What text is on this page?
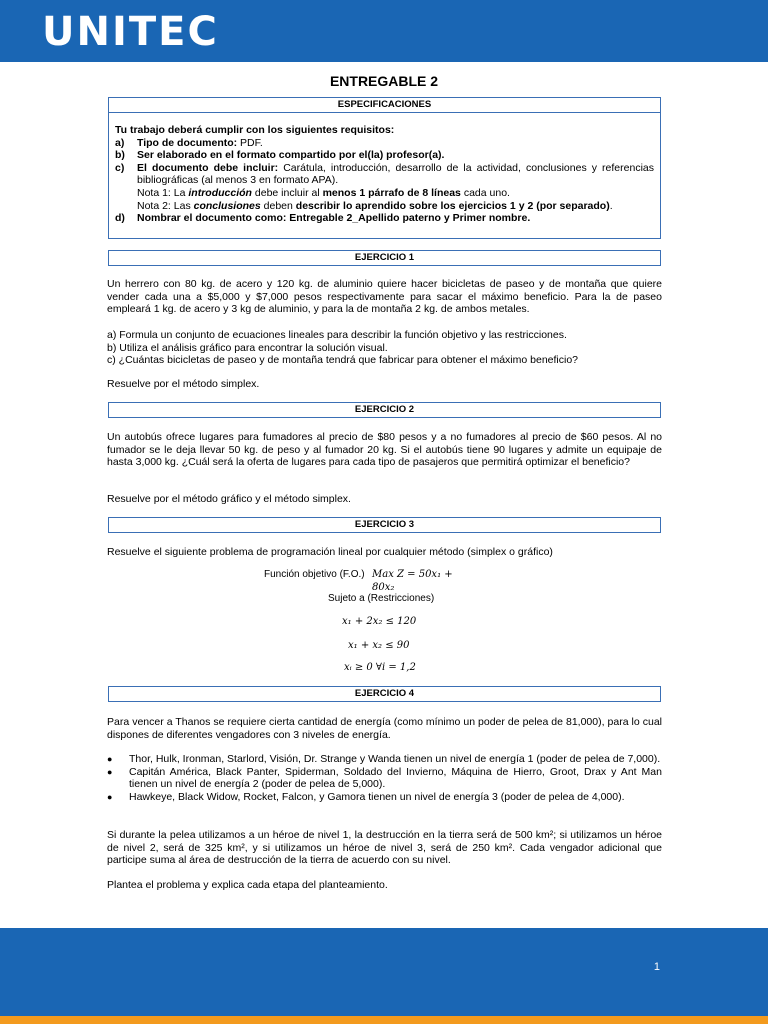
UNITEC
ENTREGABLE 2
ESPECIFICACIONES
Tu trabajo deberá cumplir con los siguientes requisitos:
a)	Tipo de documento: PDF.
b)	Ser elaborado en el formato compartido por el(la) profesor(a).
c)	El documento debe incluir: Carátula, introducción, desarrollo de la actividad, conclusiones y referencias bibliográficas (al menos 3 en formato APA).
Nota 1: La introducción debe incluir al menos 1 párrafo de 8 líneas cada uno.
Nota 2: Las conclusiones deben describir lo aprendido sobre los ejercicios 1 y 2 (por separado).
d)	Nombrar el documento como: Entregable 2_Apellido paterno y Primer nombre.
EJERCICIO 1
Un herrero con 80 kg. de acero y 120 kg. de aluminio quiere hacer bicicletas de paseo y de montaña que quiere vender cada una a $5,000 y $7,000 pesos respectivamente para sacar el máximo beneficio. Para la de paseo empleará 1 kg. de acero y 3 kg de aluminio, y para la de montaña 2 kg. de ambos metales.
a) Formula un conjunto de ecuaciones lineales para describir la función objetivo y las restricciones.
b) Utiliza el análisis gráfico para encontrar la solución visual.
c) ¿Cuántas bicicletas de paseo y de montaña tendrá que fabricar para obtener el máximo beneficio?
Resuelve por el método simplex.
EJERCICIO 2
Un autobús ofrece lugares para fumadores al precio de $80 pesos y a no fumadores al precio de $60 pesos. Al no fumador se le deja llevar 50 kg. de peso y al fumador 20 kg. Si el autobús tiene 90 lugares y admite un equipaje de hasta 3,000 kg. ¿Cuál será la oferta de lugares para cada tipo de pasajeros que permitirá optimizar el beneficio?
Resuelve por el método gráfico y el método simplex.
EJERCICIO 3
Resuelve el siguiente problema de programación lineal por cualquier método (simplex o gráfico)
Función objetivo (F.O.) Max Z = 50x₁ + 80x₂
Sujeto a (Restricciones)
x₁ + 2x₂ ≤ 120
x₁ + x₂ ≤ 90
xᵢ ≥ 0 ∀i = 1,2
EJERCICIO 4
Para vencer a Thanos se requiere cierta cantidad de energía (como mínimo un poder de pelea de 81,000), para lo cual dispones de diferentes vengadores con 3 niveles de energía.
●	Thor, Hulk, Ironman, Starlord, Visión, Dr. Strange y Wanda tienen un nivel de energía 1 (poder de pelea de 7,000).
●	Capitán América, Black Panter, Spiderman, Soldado del Invierno, Máquina de Hierro, Groot, Drax y Ant Man tienen un nivel de energía 2 (poder de pelea de 5,000).
●	Hawkeye, Black Widow, Rocket, Falcon, y Gamora tienen un nivel de energía 3 (poder de pelea de 4,000).
Si durante la pelea utilizamos a un héroe de nivel 1, la destrucción en la tierra será de 500 km²; si utilizamos un héroe de nivel 2, será de 325 km², y si utilizamos un héroe de nivel 3, será de 250 km². Cada vengador adicional que participe suma al área de destrucción de la tierra de acuerdo con su nivel.
Plantea el problema y explica cada etapa del planteamiento.
1
